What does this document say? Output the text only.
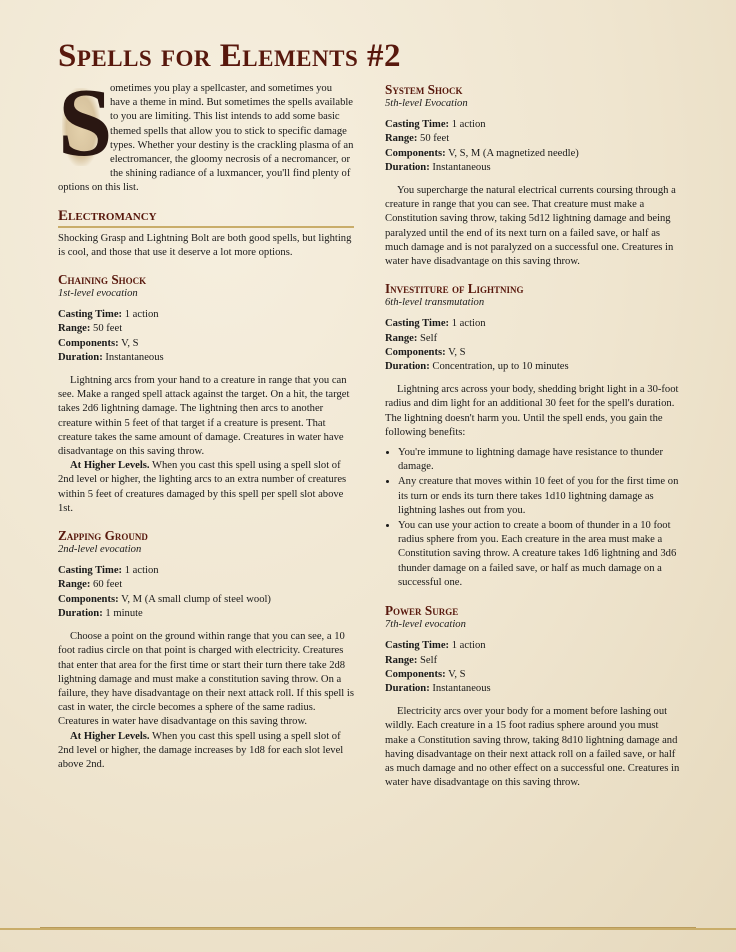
Spells for Elements #2
S
ometimes you play a spellcaster, and sometimes you have a theme in mind. But sometimes the spells available to you are limiting. This list intends to add some basic themed spells that allow you to stick to specific damage types. Whether your destiny is the crackling plasma of an electromancer, the gloomy necrosis of a necromancer, or the shining radiance of a luxmancer, you'll find plenty of options on this list.
Electromancy

Shocking Grasp and Lightning Bolt are both good spells, but lighting is cool, and those that use it deserve a lot more options.

Chaining Shock

1st-level evocation

Casting Time: 1 action

Range: 50 feet

Components: V, S

Duration: Instantaneous

Lightning arcs from your hand to a creature in range that you can see. Make a ranged spell attack against the target. On a hit, the target takes 2d6 lightning damage. The lightning then arcs to another creature within 5 feet of that target if a creature is present. That creature takes the same amount of damage. Creatures in water have disadvantage on this saving throw.

At Higher Levels. When you cast this spell using a spell slot of 2nd level or higher, the lighting arcs to an extra number of creatures within 5 feet of creatures damaged by this spell per spell slot above 1st.

Zapping Ground

2nd-level evocation

Casting Time: 1 action

Range: 60 feet

Components: V, M (A small clump of steel wool)

Duration: 1 minute

Choose a point on the ground within range that you can see, a 10 foot radius circle on that point is charged with electricity. Creatures that enter that area for the first time or start their turn there take 2d8 lightning damage and must make a constitution saving throw. On a failure, they have disadvantage on their next attack roll. If this spell is cast in water, the circle becomes a sphere of the same radius. Creatures in water have disadvantage on this saving throw.

At Higher Levels. When you cast this spell using a spell slot of 2nd level or higher, the damage increases by 1d8 for each slot level above 2nd.

System Shock

5th-level Evocation

Casting Time: 1 action

Range: 50 feet

Components: V, S, M (A magnetized needle)

Duration: Instantaneous

You supercharge the natural electrical currents coursing through a creature in range that you can see. That creature must make a Constitution saving throw, taking 5d12 lightning damage and being paralyzed until the end of its next turn on a failed save, or half as much damage and is not paralyzed on a successful one. Creatures in water have disadvantage on this saving throw.

Investiture of Lightning

6th-level transmutation

Casting Time: 1 action

Range: Self

Components: V, S

Duration: Concentration, up to 10 minutes

Lightning arcs across your body, shedding bright light in a 30-foot radius and dim light for an additional 30 feet for the spell's duration. The lightning doesn't harm you. Until the spell ends, you gain the following benefits:

• You're immune to lightning damage have resistance to thunder damage.
• Any creature that moves within 10 feet of you for the first time on its turn or ends its turn there takes 1d10 lightning damage as lightning lashes out from you.
• You can use your action to create a boom of thunder in a 10 foot radius sphere from you. Each creature in the area must make a Constitution saving throw. A creature takes 1d6 lightning and 3d6 thunder damage on a failed save, or half as much damage on a successful one.
Power Surge

7th-level evocation

Casting Time: 1 action

Range: Self

Components: V, S

Duration: Instantaneous

Electricity arcs over your body for a moment before lashing out wildly. Each creature in a 15 foot radius sphere around you must make a Constitution saving throw, taking 8d10 lightning damage and having disadvantage on their next attack roll on a failed save, or half as much damage and no other effect on a successful one. Creatures in water have disadvantage on this saving throw.
